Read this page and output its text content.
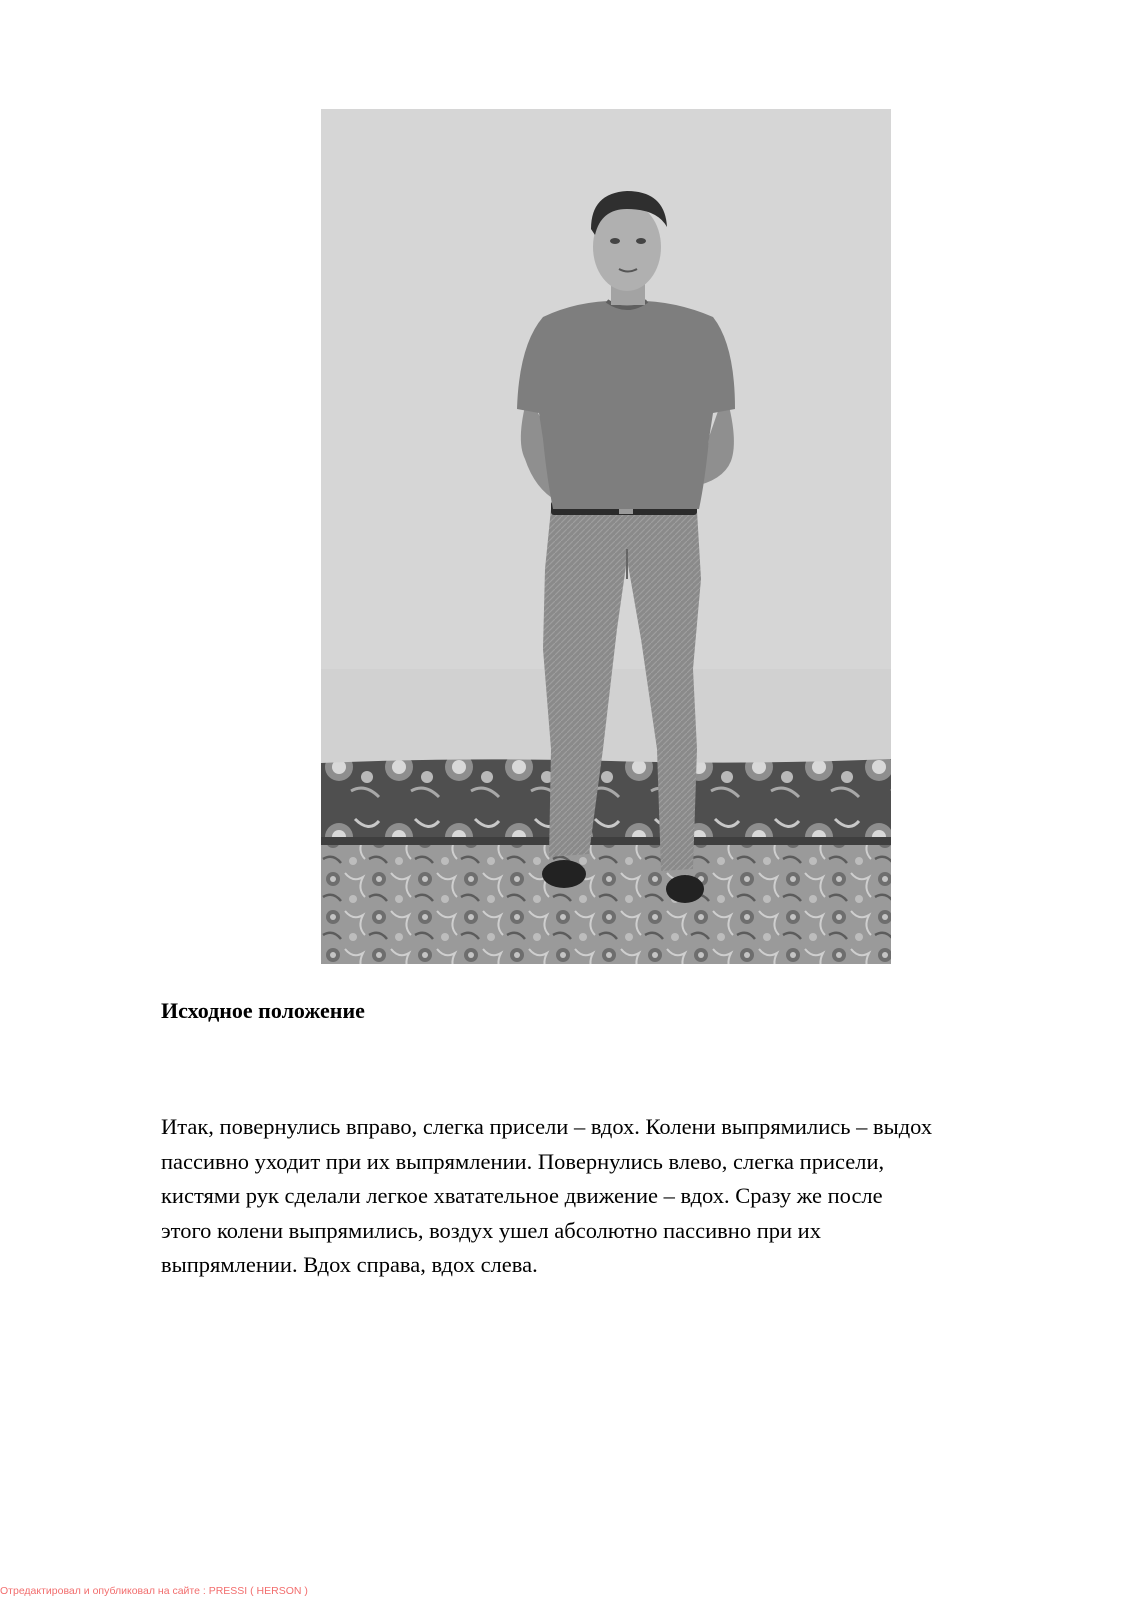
Исходное положение
Итак, повернулись вправо, слегка присели – вдох. Колени выпрямились – выдох
пассивно уходит при их выпрямлении. Повернулись влево, слегка присели,
кистями рук сделали легкое хватательное движение – вдох. Сразу же после
этого колени выпрямились, воздух ушел абсолютно пассивно при их
выпрямлении. Вдох справа, вдох слева.
Отредактировал и опубликовал на сайте : PRESSI ( HERSON )
